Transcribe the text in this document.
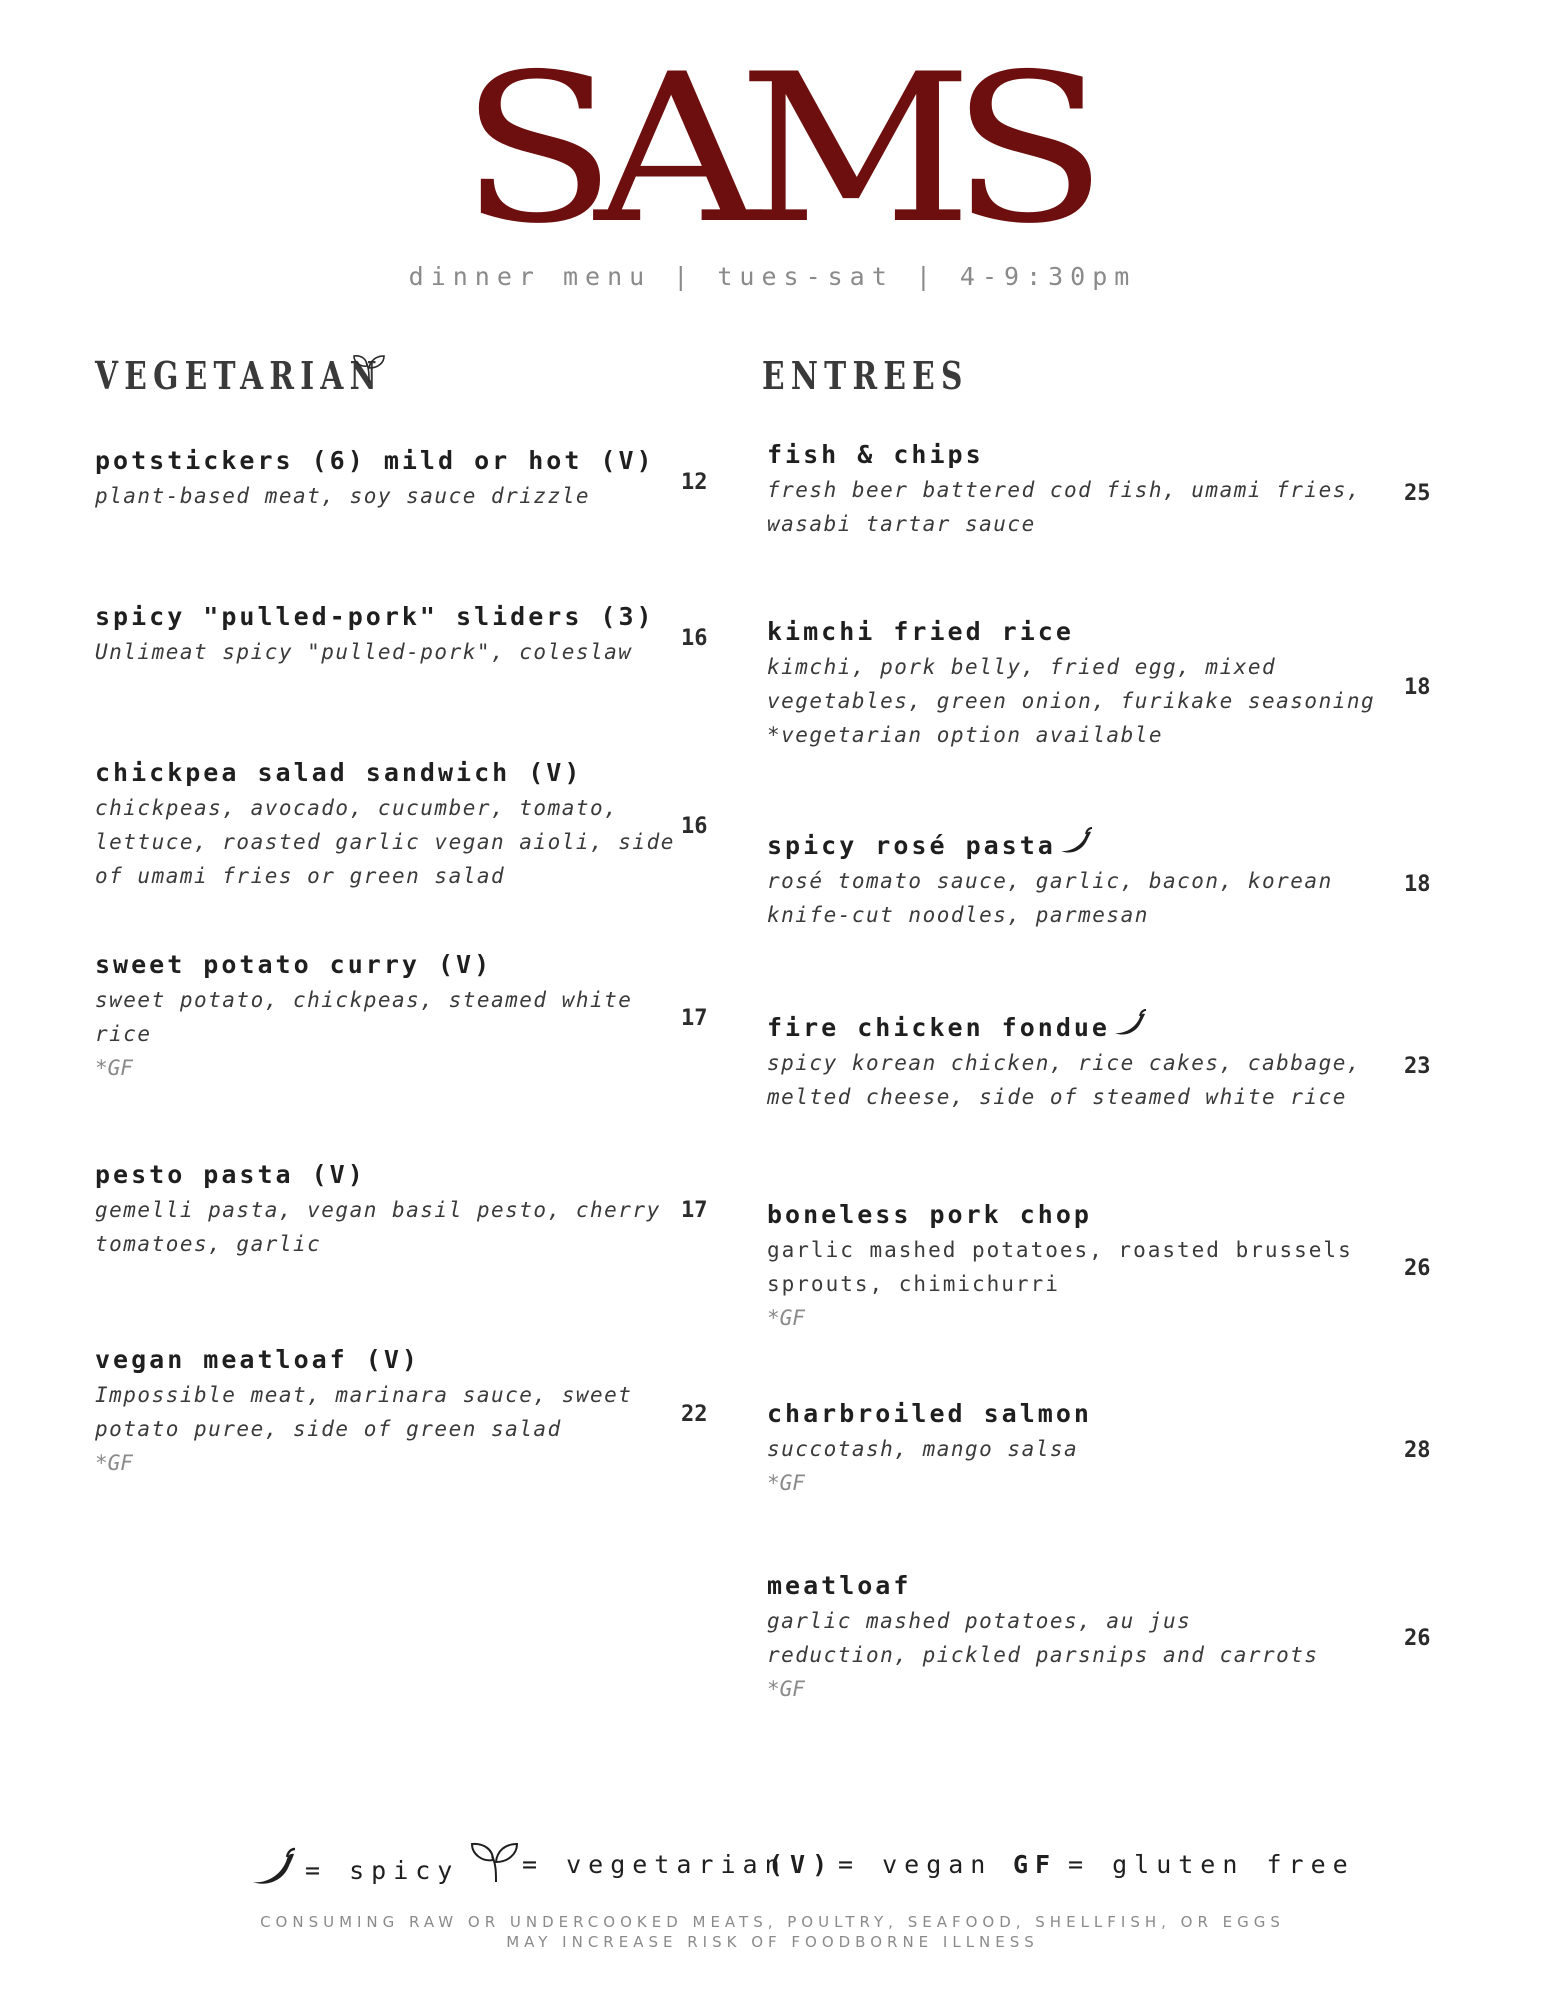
SAMS
dinner menu | tues-sat | 4-9:30pm
VEGETARIAN	ENTREES
potstickers (6) mild or hot (V)
plant-based meat, soy sauce drizzle
12
spicy "pulled-pork" sliders (3)
Unlimeat spicy "pulled-pork", coleslaw
16
chickpea salad sandwich (V)
chickpeas, avocado, cucumber, tomato,
lettuce, roasted garlic vegan aioli, side
of umami fries or green salad
16
sweet potato curry (V)
sweet potato, chickpeas, steamed white
rice
*GF
17
pesto pasta (V)
gemelli pasta, vegan basil pesto, cherry
tomatoes, garlic
17
vegan meatloaf (V)
Impossible meat, marinara sauce, sweet
potato puree, side of green salad
*GF
22
fish & chips
fresh beer battered cod fish, umami fries,
wasabi tartar sauce
25
kimchi fried rice
kimchi, pork belly, fried egg, mixed
vegetables, green onion, furikake seasoning
*vegetarian option available
18
spicy rosé pasta
rosé tomato sauce, garlic, bacon, korean
knife-cut noodles, parmesan
18
fire chicken fondue
spicy korean chicken, rice cakes, cabbage,
melted cheese, side of steamed white rice
23
boneless pork chop
garlic mashed potatoes, roasted brussels
sprouts, chimichurri
*GF
26
charbroiled salmon
succotash, mango salsa
*GF
28
meatloaf
garlic mashed potatoes, au jus
reduction, pickled parsnips and carrots
*GF
26
= spicy	= vegetarian
(V) = vegan GF = gluten free
CONSUMING RAW OR UNDERCOOKED MEATS, POULTRY, SEAFOOD, SHELLFISH, OR EGGS
MAY INCREASE RISK OF FOODBORNE ILLNESS
